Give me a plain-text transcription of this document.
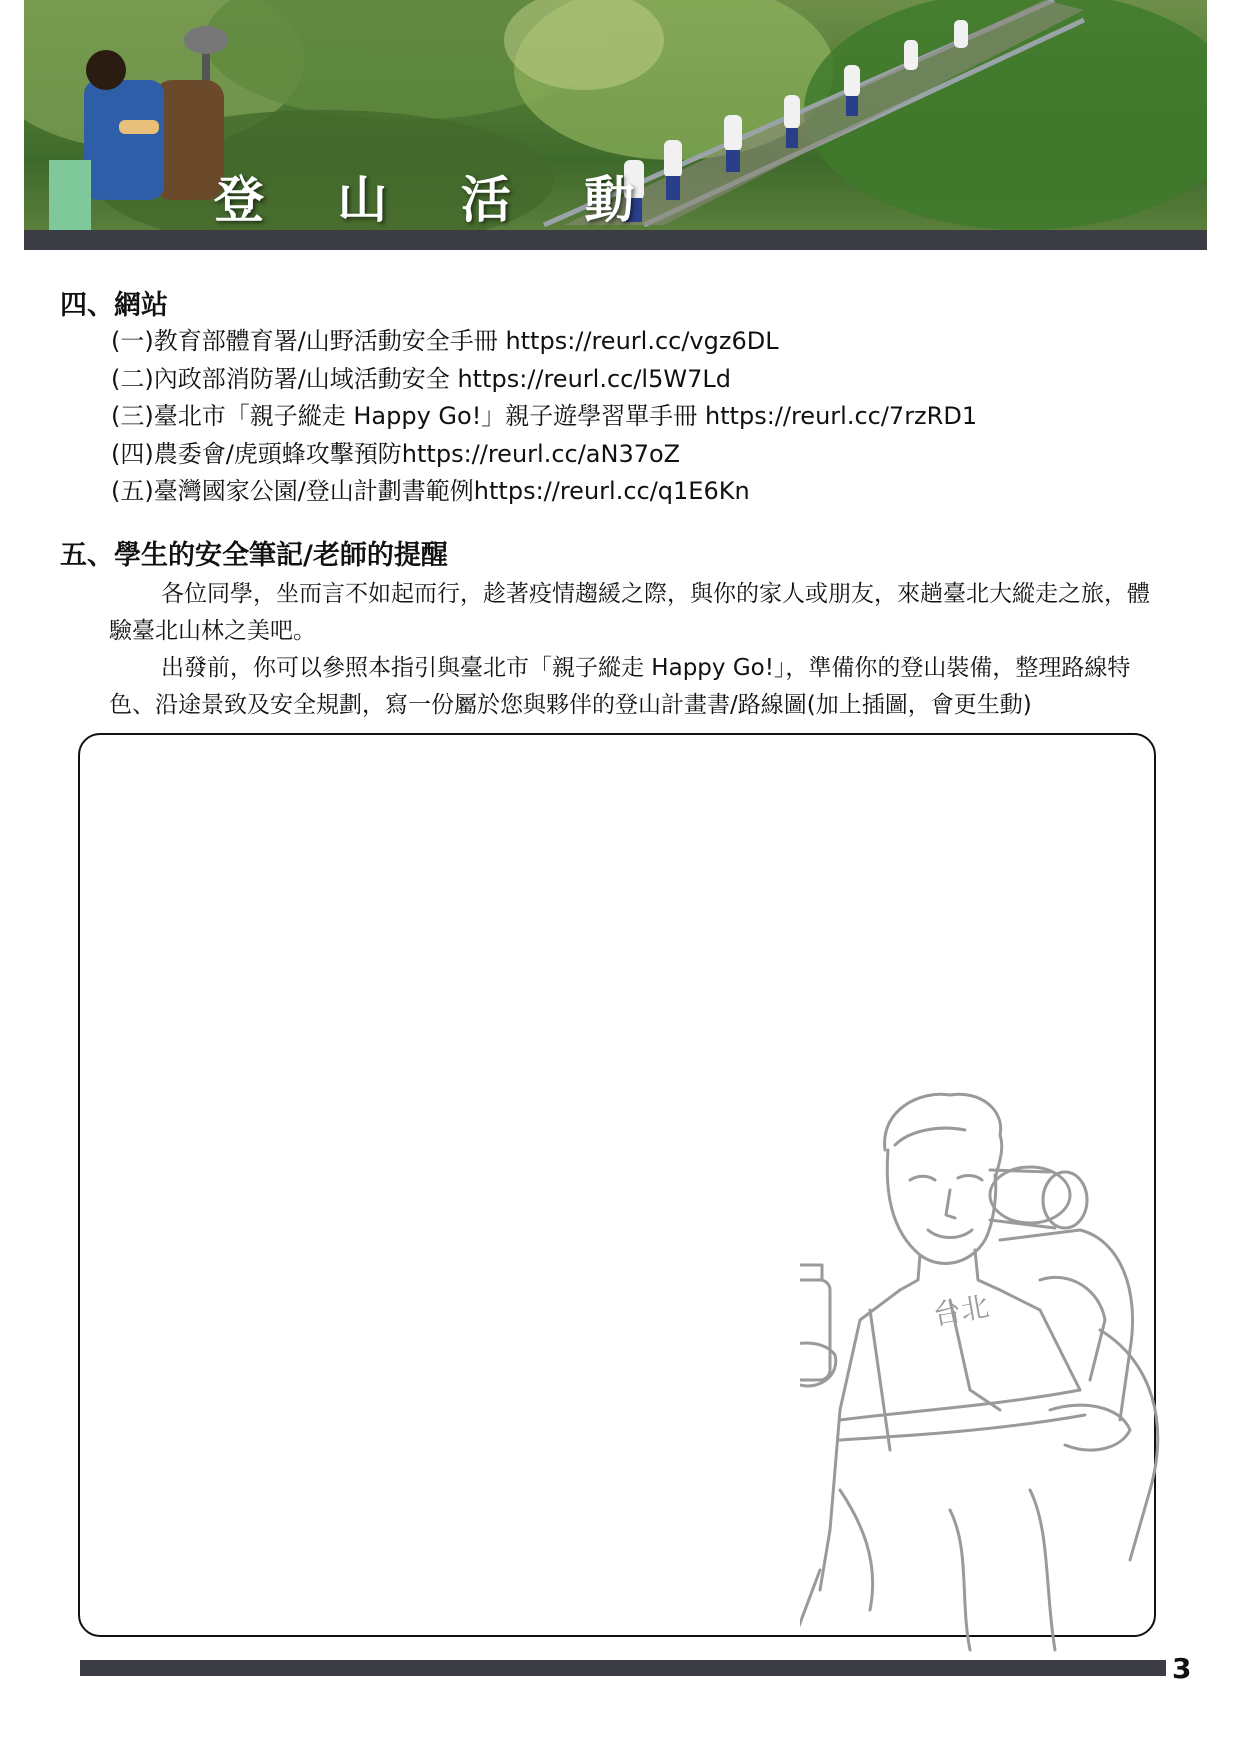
登 山 活 動
四、網站
(一)教育部體育署/山野活動安全手冊 https://reurl.cc/vgz6DL
(二)內政部消防署/山域活動安全 https://reurl.cc/l5W7Ld
(三)臺北市「親子縱走 Happy Go!」親子遊學習單手冊 https://reurl.cc/7rzRD1
(四)農委會/虎頭蜂攻擊預防https://reurl.cc/aN37oZ
(五)臺灣國家公園/登山計劃書範例https://reurl.cc/q1E6Kn
五、學生的安全筆記/老師的提醒

各位同學，坐而言不如起而行，趁著疫情趨緩之際，與你的家人或朋友，來趟臺北大縱走之旅，體驗臺北山林之美吧。

出發前，你可以參照本指引與臺北市「親子縱走 Happy Go!」，準備你的登山裝備，整理路線特色、沿途景致及安全規劃，寫一份屬於您與夥伴的登山計畫書/路線圖(加上插圖，會更生動)

台北
3
